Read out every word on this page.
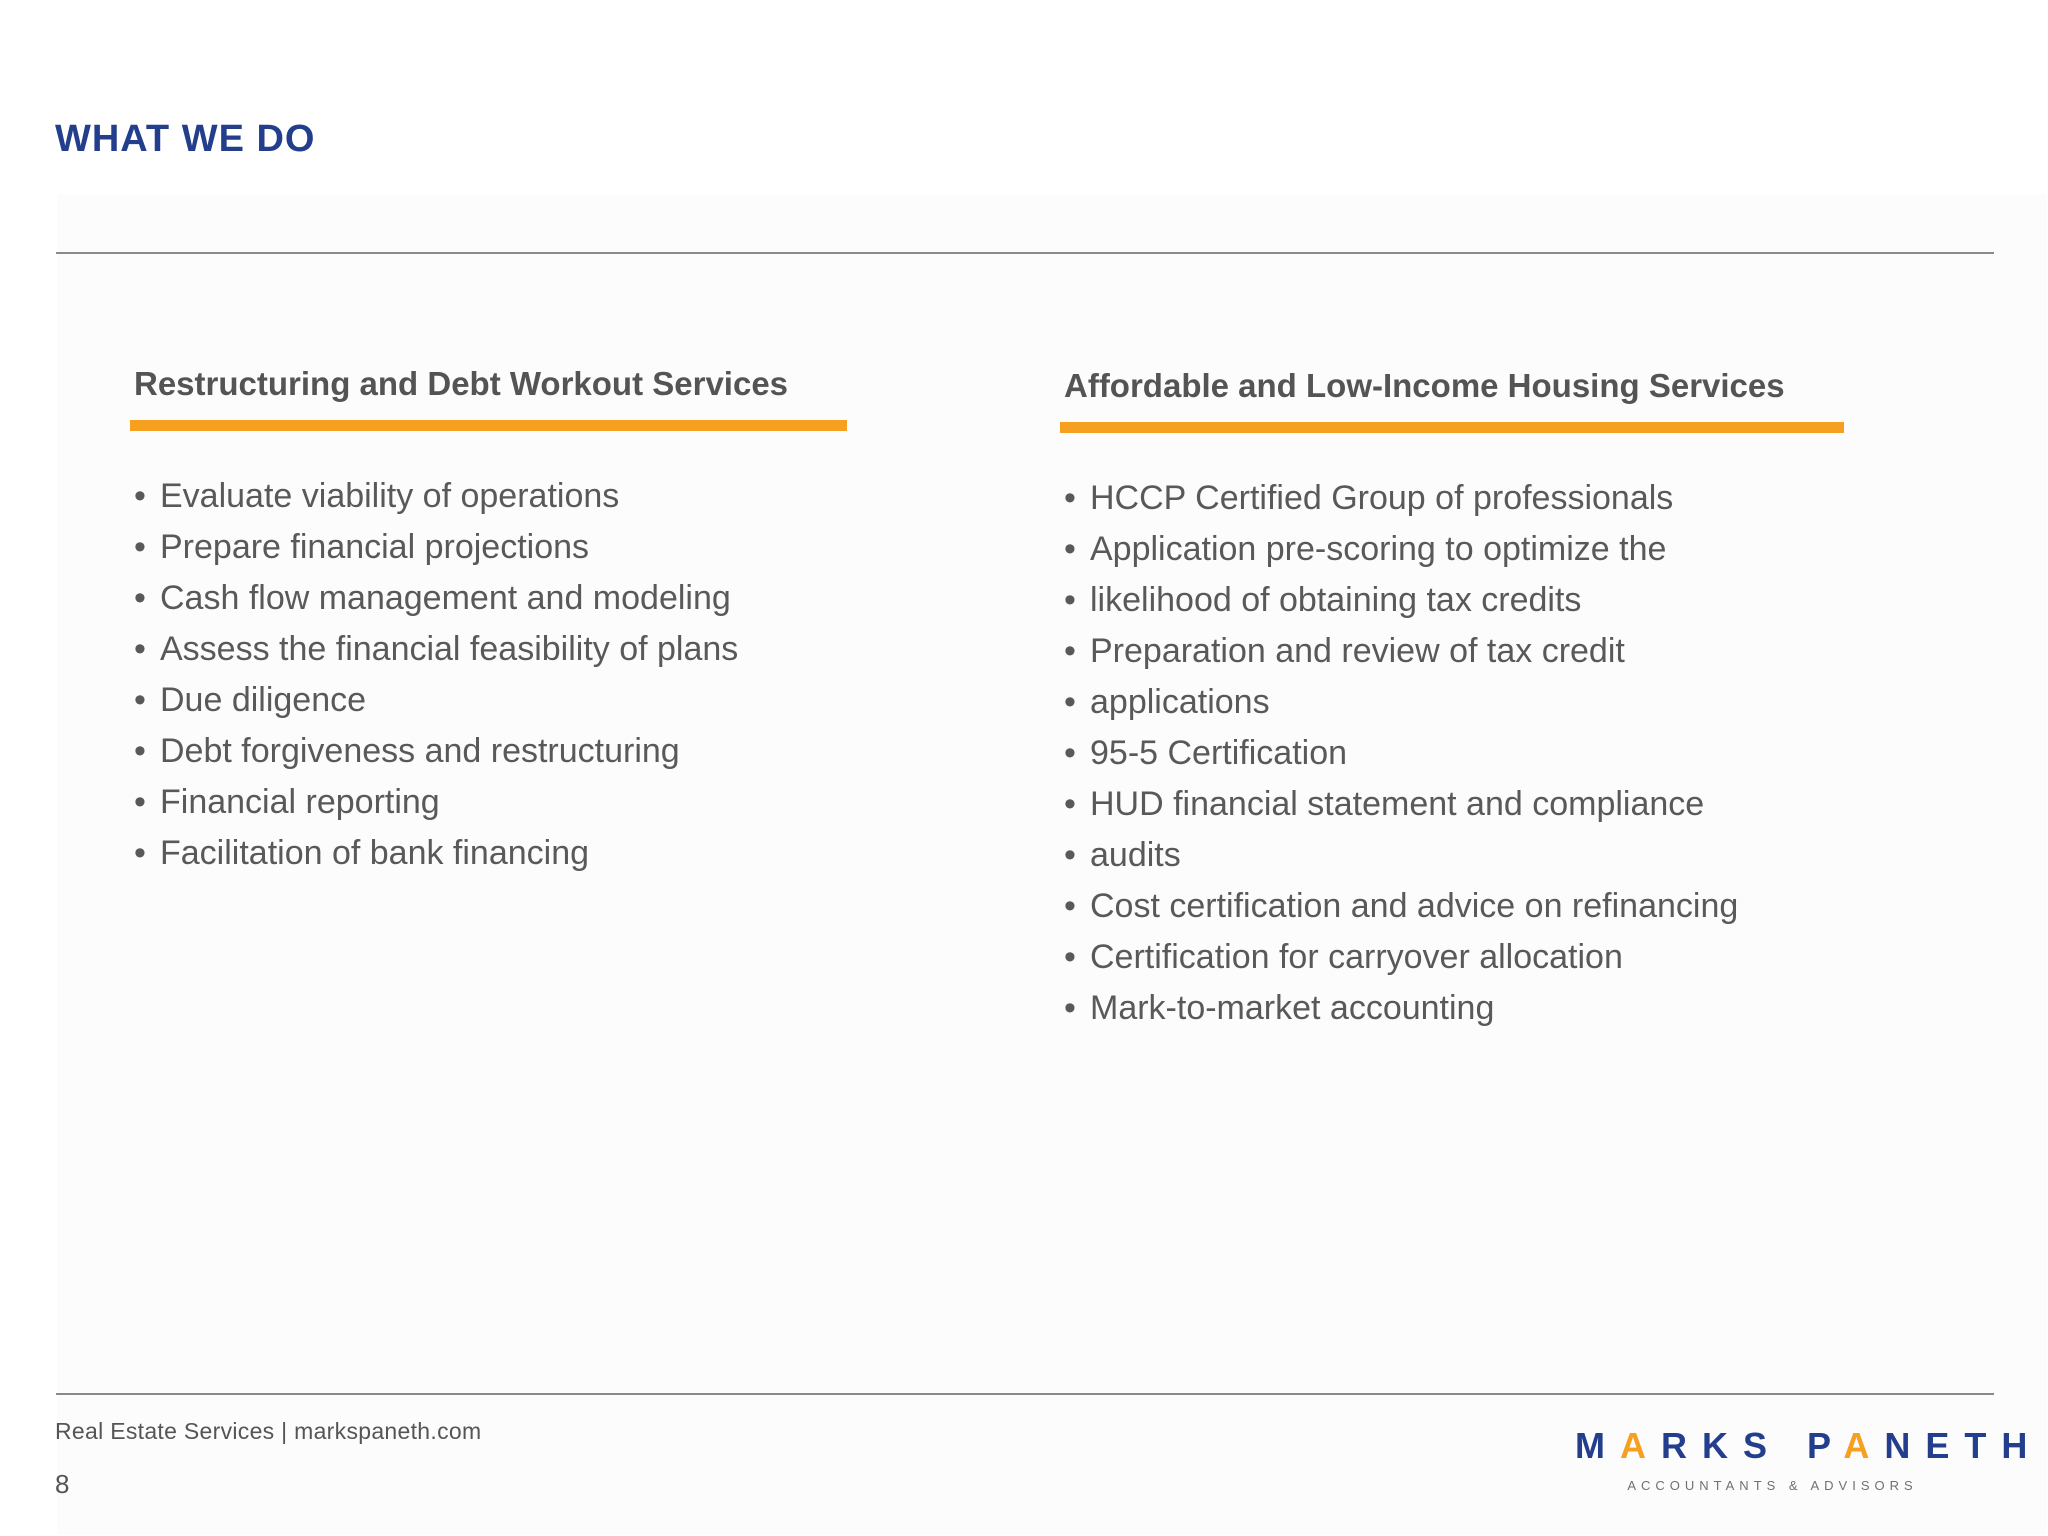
WHAT WE DO
Restructuring and Debt Workout Services
• Evaluate viability of operations
• Prepare financial projections
• Cash flow management and modeling
• Assess the financial feasibility of plans
• Due diligence
• Debt forgiveness and restructuring
• Financial reporting
• Facilitation of bank financing
Affordable and Low-Income Housing Services
• HCCP Certified Group of professionals
• Application pre-scoring to optimize the
• likelihood of obtaining tax credits
• Preparation and review of tax credit
• applications
• 95-5 Certification
• HUD financial statement and compliance
• audits
• Cost certification and advice on refinancing
• Certification for carryover allocation
• Mark-to-market accounting
Real Estate Services | markspaneth.com
8
MARKS PANETH
ACCOUNTANTS & ADVISORS
